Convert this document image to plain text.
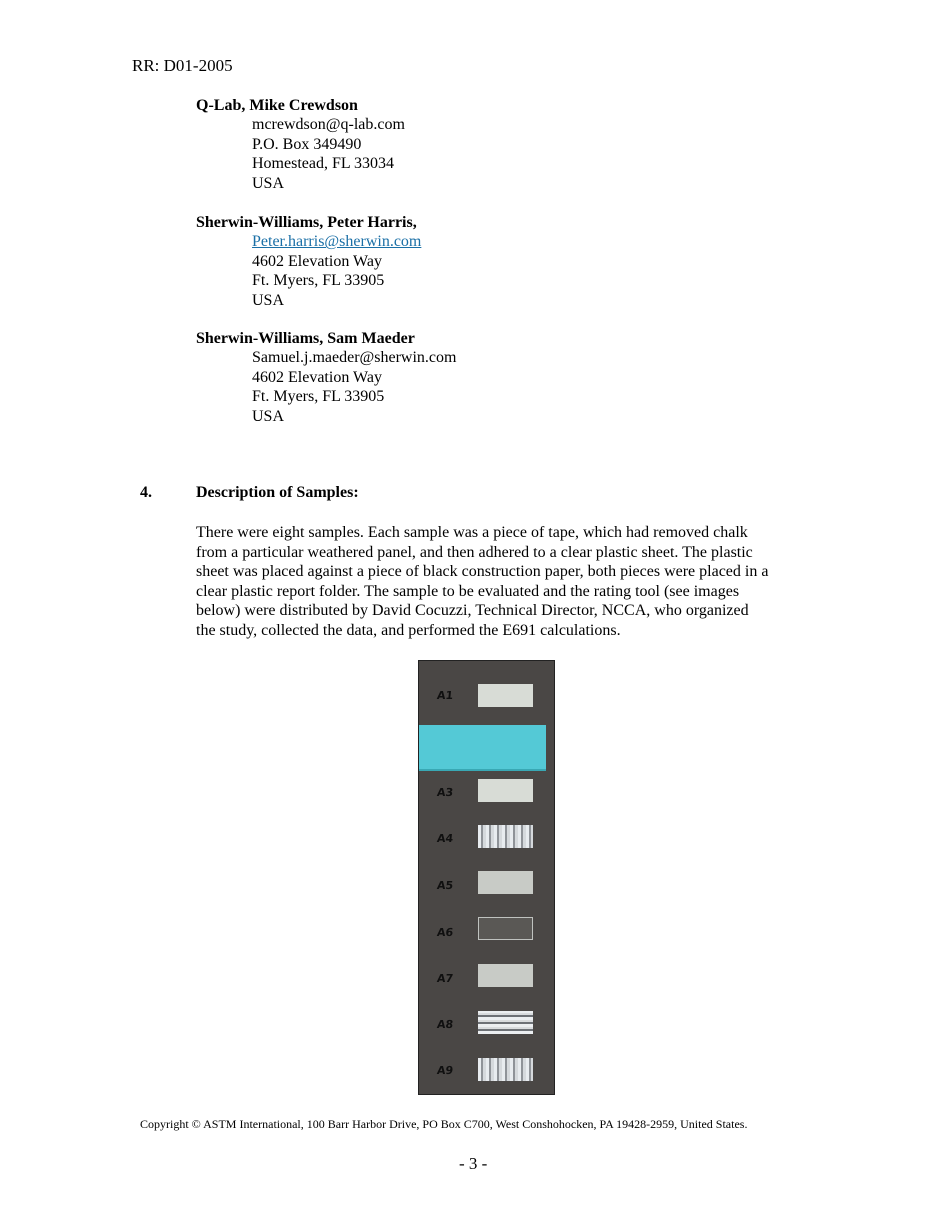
RR: D01-2005
Q-Lab, Mike Crewdson
mcrewdson@q-lab.com
P.O. Box 349490
Homestead, FL 33034
USA
Sherwin-Williams, Peter Harris,
Peter.harris@sherwin.com
4602 Elevation Way
Ft. Myers, FL 33905
USA
Sherwin-Williams, Sam Maeder
Samuel.j.maeder@sherwin.com
4602 Elevation Way
Ft. Myers, FL 33905
USA
4.	Description of Samples:
There were eight samples. Each sample was a piece of tape, which had removed chalk
from a particular weathered panel, and then adhered to a clear plastic sheet. The plastic
sheet was placed against a piece of black construction paper, both pieces were placed in a
clear plastic report folder. The sample to be evaluated and the rating tool (see images
below) were distributed by David Cocuzzi, Technical Director, NCCA, who organized
the study, collected the data, and performed the E691 calculations.
A1
A3
A4
A5
A6
A7
A8
A9
Copyright © ASTM International, 100 Barr Harbor Drive, PO Box C700, West Conshohocken, PA 19428-2959, United States.
- 3 -
